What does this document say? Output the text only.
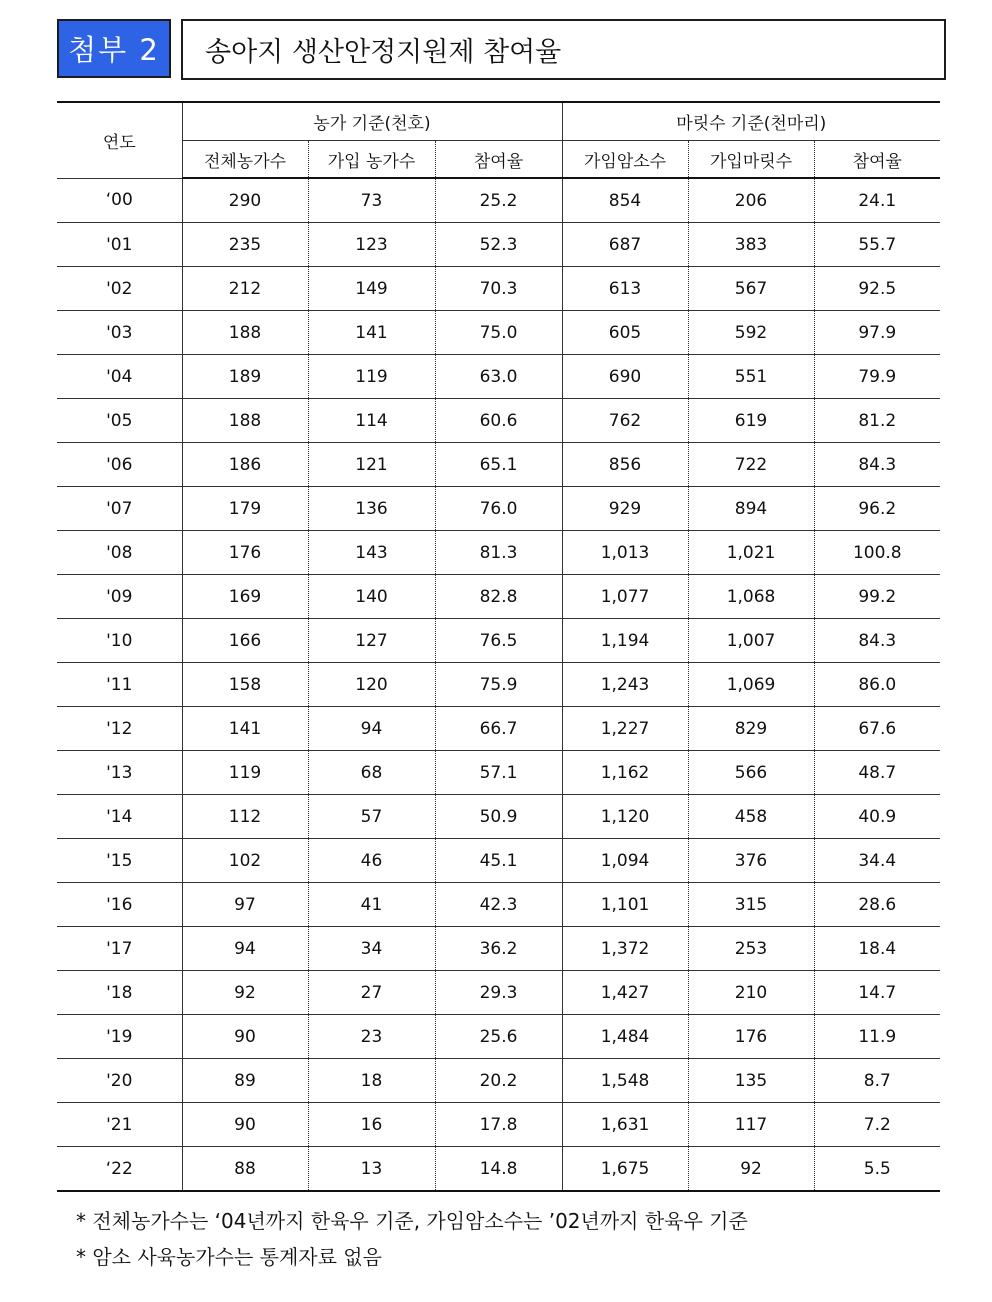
첨부 2	송아지 생산안정지원제 참여율
연도	농가 기준(천호)			마릿수 기준(천마리)		
	전체농가수	가입 농가수	참여율	가임암소수	가입마릿수	참여율
‘00	290	73	25.2	854	206	24.1
'01	235	123	52.3	687	383	55.7
'02	212	149	70.3	613	567	92.5
'03	188	141	75.0	605	592	97.9
'04	189	119	63.0	690	551	79.9
'05	188	114	60.6	762	619	81.2
'06	186	121	65.1	856	722	84.3
'07	179	136	76.0	929	894	96.2
'08	176	143	81.3	1,013	1,021	100.8
'09	169	140	82.8	1,077	1,068	99.2
'10	166	127	76.5	1,194	1,007	84.3
'11	158	120	75.9	1,243	1,069	86.0
'12	141	94	66.7	1,227	829	67.6
'13	119	68	57.1	1,162	566	48.7
'14	112	57	50.9	1,120	458	40.9
'15	102	46	45.1	1,094	376	34.4
'16	97	41	42.3	1,101	315	28.6
'17	94	34	36.2	1,372	253	18.4
'18	92	27	29.3	1,427	210	14.7
'19	90	23	25.6	1,484	176	11.9
'20	89	18	20.2	1,548	135	8.7
'21	90	16	17.8	1,631	117	7.2
‘22	88	13	14.8	1,675	92	5.5
* 전체농가수는 ‘04년까지 한육우 기준, 가임암소수는 ’02년까지 한육우 기준
* 암소 사육농가수는 통계자료 없음
